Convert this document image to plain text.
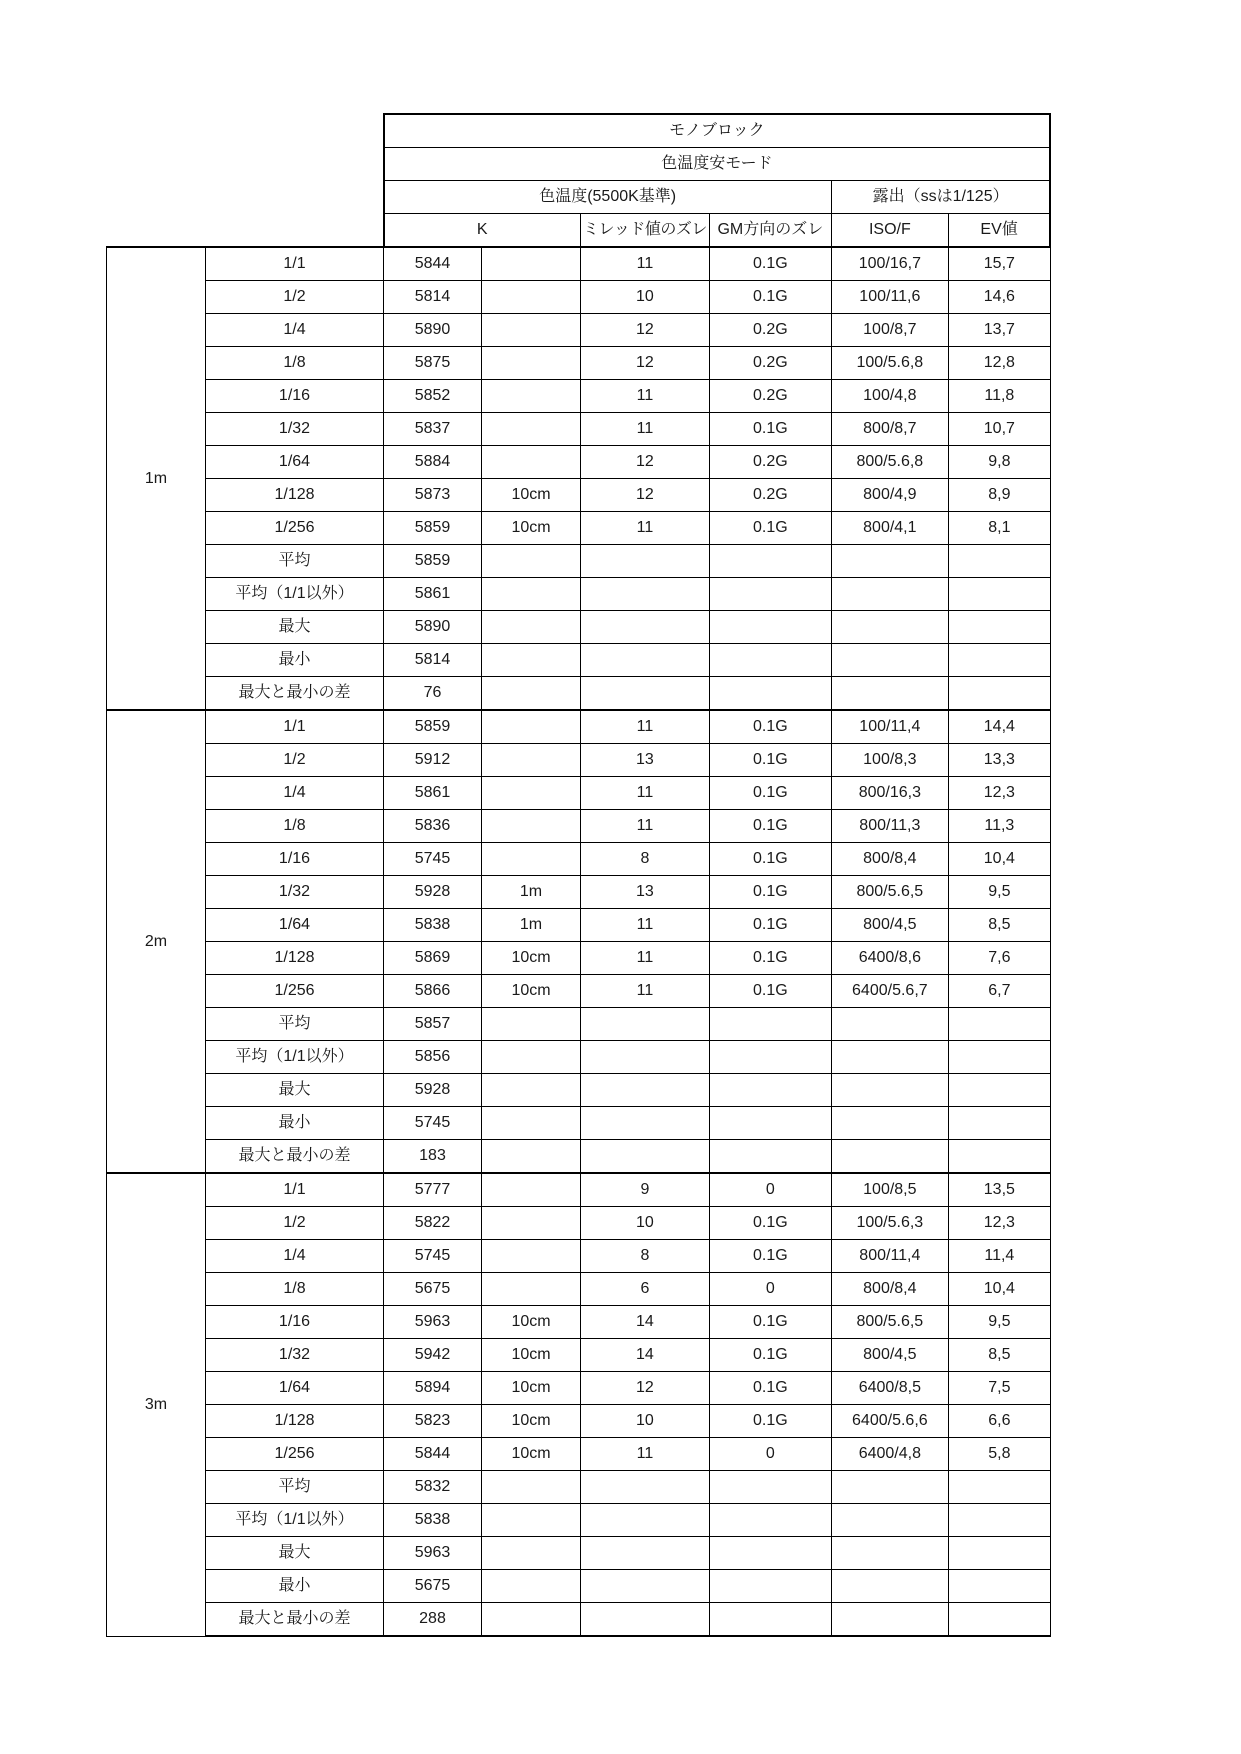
		モノブロック					
		色温度安モード					
		色温度(5500K基準)				露出（ssは1/125）	
		K		ミレッド値のズレ	GM方向のズレ	ISO/F	EV値
1m	1/1	5844		11	0.1G	100/16,7	15,7
	1/2	5814		10	0.1G	100/11,6	14,6
	1/4	5890		12	0.2G	100/8,7	13,7
	1/8	5875		12	0.2G	100/5.6,8	12,8
	1/16	5852		11	0.2G	100/4,8	11,8
	1/32	5837		11	0.1G	800/8,7	10,7
	1/64	5884		12	0.2G	800/5.6,8	9,8
	1/128	5873	10cm	12	0.2G	800/4,9	8,9
	1/256	5859	10cm	11	0.1G	800/4,1	8,1
	平均	5859					
	平均（1/1以外）	5861					
	最大	5890					
	最小	5814					
	最大と最小の差	76					
2m	1/1	5859		11	0.1G	100/11,4	14,4
	1/2	5912		13	0.1G	100/8,3	13,3
	1/4	5861		11	0.1G	800/16,3	12,3
	1/8	5836		11	0.1G	800/11,3	11,3
	1/16	5745		8	0.1G	800/8,4	10,4
	1/32	5928	1m	13	0.1G	800/5.6,5	9,5
	1/64	5838	1m	11	0.1G	800/4,5	8,5
	1/128	5869	10cm	11	0.1G	6400/8,6	7,6
	1/256	5866	10cm	11	0.1G	6400/5.6,7	6,7
	平均	5857					
	平均（1/1以外）	5856					
	最大	5928					
	最小	5745					
	最大と最小の差	183					
3m	1/1	5777		9	0	100/8,5	13,5
	1/2	5822		10	0.1G	100/5.6,3	12,3
	1/4	5745		8	0.1G	800/11,4	11,4
	1/8	5675		6	0	800/8,4	10,4
	1/16	5963	10cm	14	0.1G	800/5.6,5	9,5
	1/32	5942	10cm	14	0.1G	800/4,5	8,5
	1/64	5894	10cm	12	0.1G	6400/8,5	7,5
	1/128	5823	10cm	10	0.1G	6400/5.6,6	6,6
	1/256	5844	10cm	11	0	6400/4,8	5,8
	平均	5832					
	平均（1/1以外）	5838					
	最大	5963					
	最小	5675					
	最大と最小の差	288					
